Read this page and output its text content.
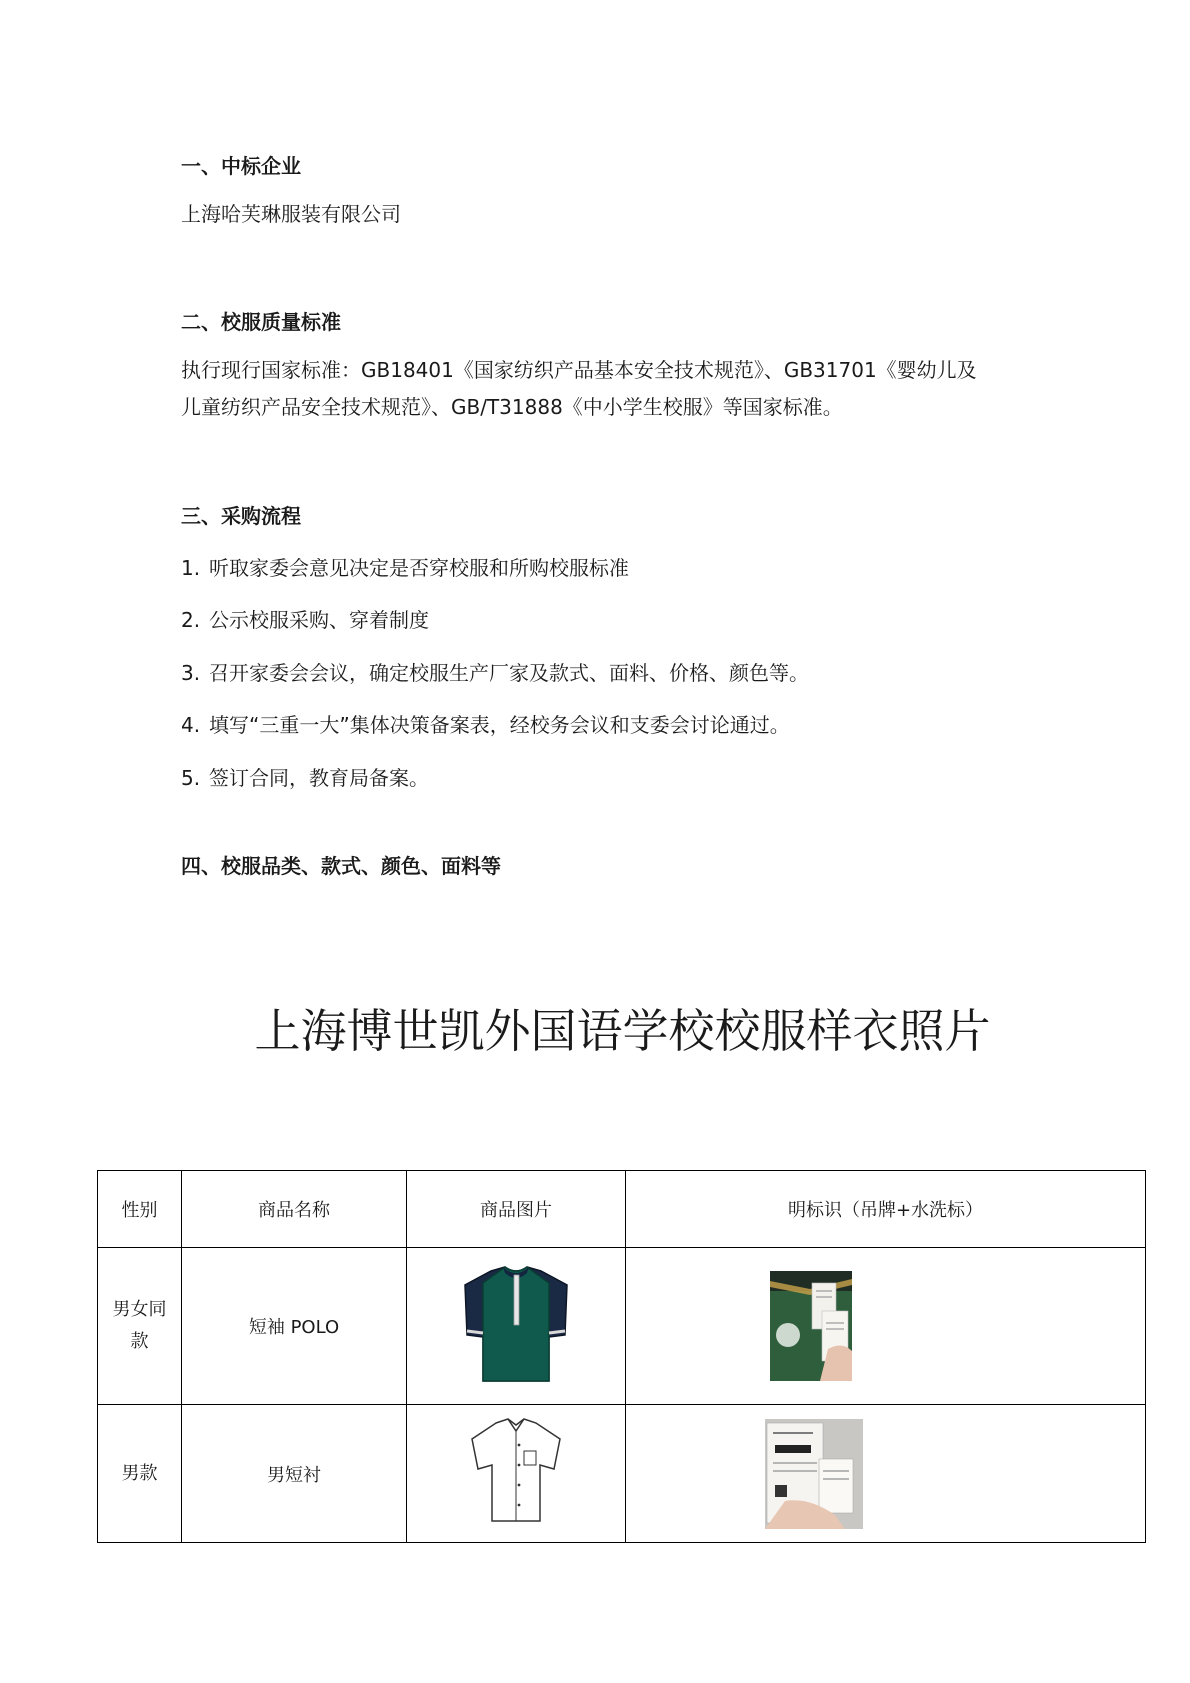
一、中标企业

上海哈芙琳服装有限公司

二、校服质量标准

执行现行国家标准：GB18401《国家纺织产品基本安全技术规范》、GB31701《婴幼儿及

儿童纺织产品安全技术规范》、GB/T31888《中小学生校服》等国家标准。

三、采购流程
1. 听取家委会意见决定是否穿校服和所购校服标准
2. 公示校服采购、穿着制度
3. 召开家委会会议，确定校服生产厂家及款式、面料、价格、颜色等。
4. 填写“三重一大”集体决策备案表，经校务会议和支委会讨论通过。
5. 签订合同，教育局备案。
四、校服品类、款式、颜色、面料等
上海博世凯外国语学校校服样衣照片
性别	商品名称	商品图片	明标识（吊牌+水洗标）
男女同款	短袖 POLO		

男款	男短衬		
